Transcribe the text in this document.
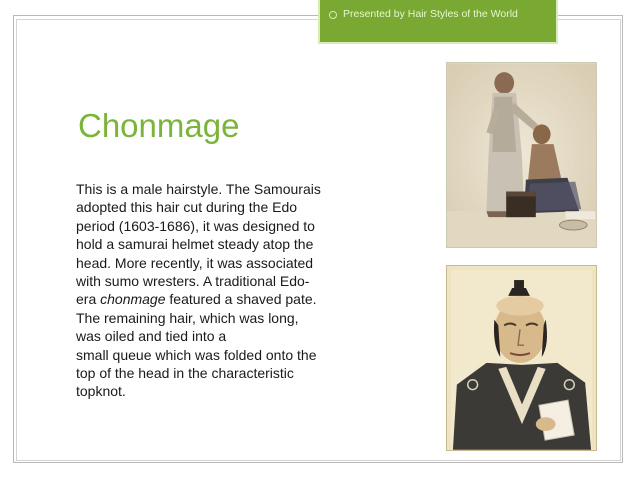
Presented by Hair Styles of the World
Chonmage

This is a male hairstyle. The Samourais
adopted this hair cut during the Edo
period (1603-1686), it was designed to
hold a samurai helmet steady atop the
head. More recently, it was associated
with sumo wresters. A traditional Edo-
era chonmage featured a shaved pate.
The remaining hair, which was long,
was oiled and tied into a
small queue which was folded onto the
top of the head in the characteristic
topknot.
